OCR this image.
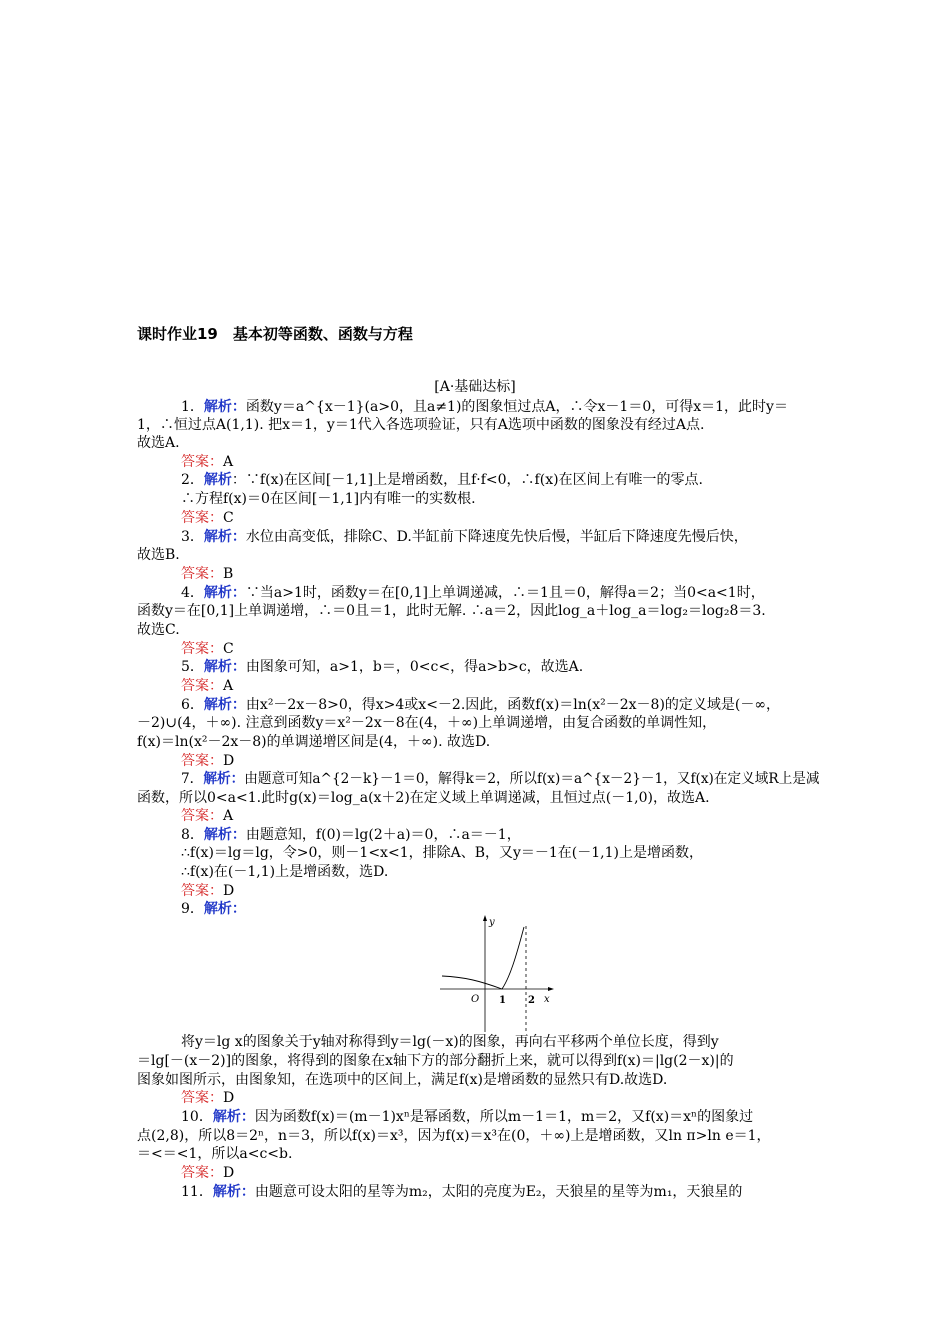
课时作业19　基本初等函数、函数与方程
[A·基础达标]
1．解析：函数y＝a^{x－1}(a>0，且a≠1)的图象恒过点A，∴令x－1＝0，可得x＝1，此时y＝
1，∴恒过点A(1,1). 把x＝1，y＝1代入各选项验证，只有A选项中函数的图象没有经过A点.
故选A.
答案：A
2．解析：∵f(x)在区间[－1,1]上是增函数，且f·f<0，∴f(x)在区间上有唯一的零点.
∴方程f(x)＝0在区间[－1,1]内有唯一的实数根.
答案：C
3．解析：水位由高变低，排除C、D.半缸前下降速度先快后慢，半缸后下降速度先慢后快，
故选B.
答案：B
4．解析：∵当a>1时，函数y＝在[0,1]上单调递减，∴＝1且＝0，解得a＝2；当0<a<1时，
函数y＝在[0,1]上单调递增，∴＝0且＝1，此时无解. ∴a＝2，因此log_a＋log_a＝log₂＝log₂8＝3.
故选C.
答案：C
5．解析：由图象可知，a>1，b＝，0<c<，得a>b>c，故选A.
答案：A
6．解析：由x²－2x－8>0，得x>4或x<－2.因此，函数f(x)＝ln(x²－2x－8)的定义域是(－∞，
－2)∪(4，＋∞). 注意到函数y＝x²－2x－8在(4，＋∞)上单调递增，由复合函数的单调性知，
f(x)＝ln(x²－2x－8)的单调递增区间是(4，＋∞). 故选D.
答案：D
7．解析：由题意可知a^{2－k}－1＝0，解得k＝2，所以f(x)＝a^{x－2}－1，又f(x)在定义域R上是减
函数，所以0<a<1.此时g(x)＝log_a(x＋2)在定义域上单调递减，且恒过点(－1,0)，故选A.
答案：A
8．解析：由题意知，f(0)＝lg(2＋a)＝0，∴a＝－1，
∴f(x)＝lg＝lg，令>0，则－1<x<1，排除A、B，又y＝－1在(－1,1)上是增函数，
∴f(x)在(－1,1)上是增函数，选D.
答案：D
9．解析：
y
x
O 1 2
将y＝lg x的图象关于y轴对称得到y＝lg(－x)的图象，再向右平移两个单位长度，得到y
＝lg[－(x－2)]的图象，将得到的图象在x轴下方的部分翻折上来，就可以得到f(x)＝|lg(2－x)|的
图象如图所示，由图象知，在选项中的区间上，满足f(x)是增函数的显然只有D.故选D.
答案：D
10．解析：因为函数f(x)＝(m－1)xⁿ是幂函数，所以m－1＝1，m＝2，又f(x)＝xⁿ的图象过
点(2,8)，所以8＝2ⁿ，n＝3，所以f(x)＝x³，因为f(x)＝x³在(0，＋∞)上是增函数，又ln π>ln e＝1，
＝<＝<1，所以a<c<b.
答案：D
11．解析：由题意可设太阳的星等为m₂，太阳的亮度为E₂，天狼星的星等为m₁，天狼星的
